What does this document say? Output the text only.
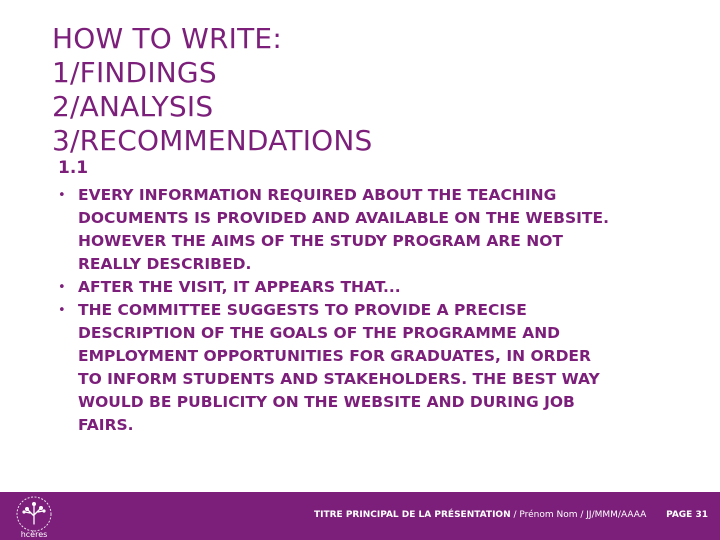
HOW TO WRITE:
1/FINDINGS
2/ANALYSIS
3/RECOMMENDATIONS
1.1
• EVERY INFORMATION REQUIRED ABOUT THE TEACHING DOCUMENTS IS PROVIDED AND AVAILABLE ON THE WEBSITE. HOWEVER THE AIMS OF THE STUDY PROGRAM ARE NOT REALLY DESCRIBED.
• AFTER THE VISIT, IT APPEARS THAT...
• THE COMMITTEE SUGGESTS TO PROVIDE A PRECISE DESCRIPTION OF THE GOALS OF THE PROGRAMME AND EMPLOYMENT OPPORTUNITIES FOR GRADUATES, IN ORDER TO INFORM STUDENTS AND STAKEHOLDERS. THE BEST WAY WOULD BE PUBLICITY ON THE WEBSITE AND DURING JOB FAIRS.
hcéres
TITRE PRINCIPAL DE LA PRÉSENTATION / Prénom Nom / JJ/MMM/AAAA PAGE 31
